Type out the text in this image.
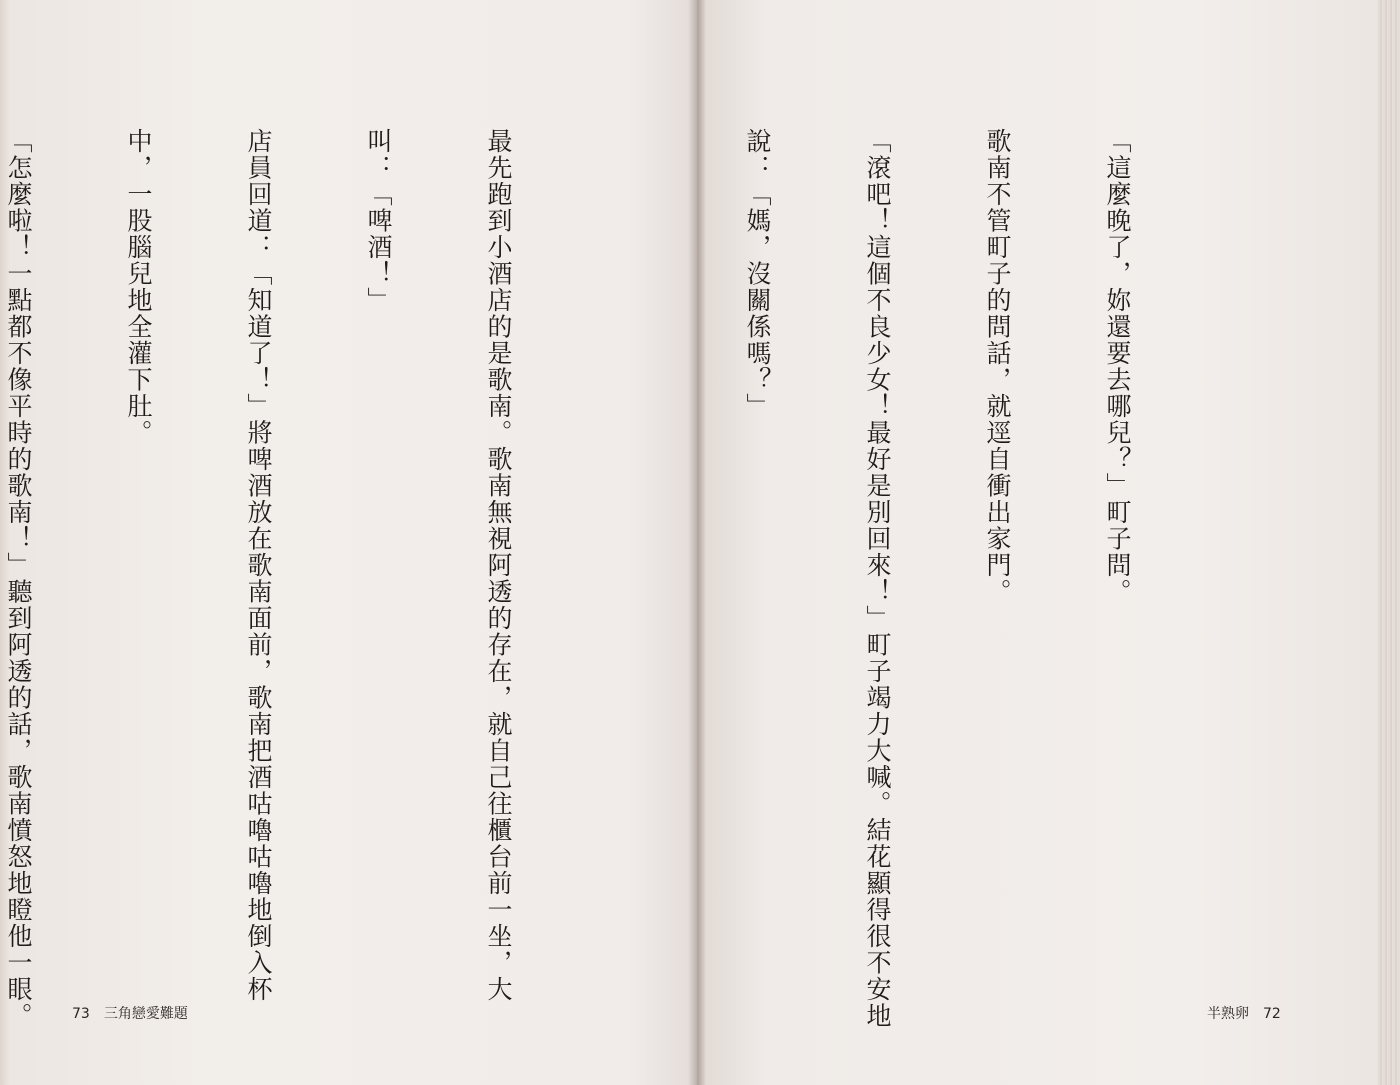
最先跑到小酒店的是歌南。歌南無視阿透的存在，就自己往櫃台前一坐，大

叫：「啤酒！」

店員回道：「知道了！」將啤酒放在歌南面前，歌南把酒咕嚕咕嚕地倒入杯

中，一股腦兒地全灌下肚。

「怎麼啦！一點都不像平時的歌南！」聽到阿透的話，歌南憤怒地瞪他一眼。

	73 三角戀愛難題

「這麼晚了，妳還要去哪兒？」町子問。

歌南不管町子的問話，就逕自衝出家門。

「滾吧！這個不良少女！最好是別回來！」町子竭力大喊。結花顯得很不安地

說：「媽，沒關係嗎？」

半熟卵 72
